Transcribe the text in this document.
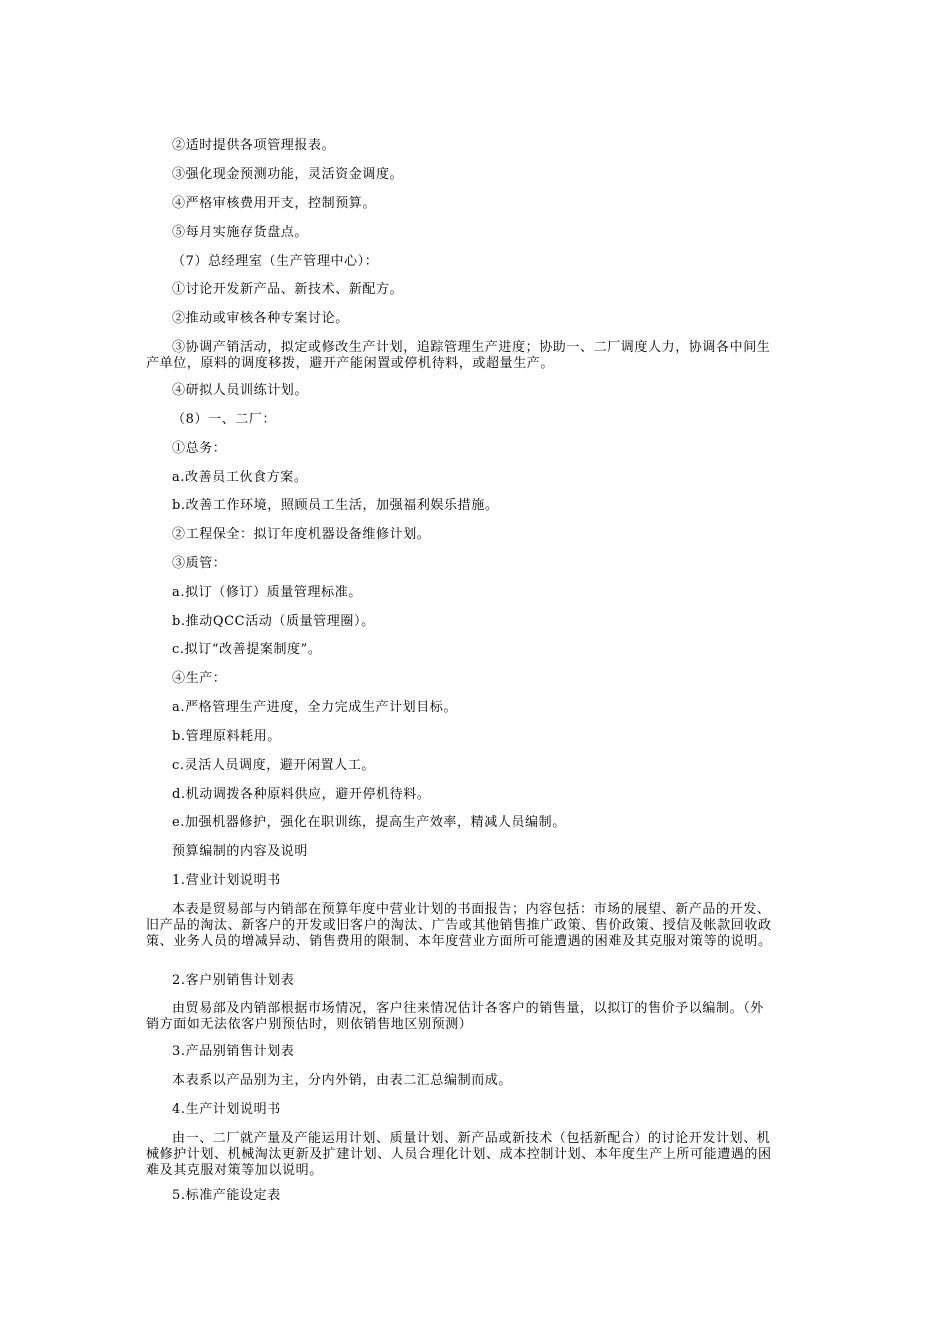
②适时提供各项管理报表。
③强化现金预测功能，灵活资金调度。
④严格审核费用开支，控制预算。
⑤每月实施存货盘点。
（7）总经理室（生产管理中心）：
①讨论开发新产品、新技术、新配方。
②推动或审核各种专案讨论。
③协调产销活动，拟定或修改生产计划，追踪管理生产进度；协助一、二厂调度人力，协调各中间生
产单位，原料的调度移拨，避开产能闲置或停机待料，或超量生产。
④研拟人员训练计划。
（8）一、二厂：
①总务：
a.改善员工伙食方案。
b.改善工作环境，照顾员工生活，加强福利娱乐措施。
②工程保全：拟订年度机器设备维修计划。
③质管：
a.拟订（修订）质量管理标准。
b.推动QCC活动（质量管理圈）。
c.拟订“改善提案制度”。
④生产：
a.严格管理生产进度，全力完成生产计划目标。
b.管理原料耗用。
c.灵活人员调度，避开闲置人工。
d.机动调拨各种原料供应，避开停机待料。
e.加强机器修护，强化在职训练，提高生产效率，精减人员编制。
预算编制的内容及说明
1.营业计划说明书
本表是贸易部与内销部在预算年度中营业计划的书面报告；内容包括：市场的展望、新产品的开发、
旧产品的淘汰、新客户的开发或旧客户的淘汰、广告或其他销售推广政策、售价政策、授信及帐款回收政
策、业务人员的增减异动、销售费用的限制、本年度营业方面所可能遭遇的困难及其克服对策等的说明。
2.客户别销售计划表
由贸易部及内销部根据市场情况，客户往来情况估计各客户的销售量，以拟订的售价予以编制。（外
销方面如无法依客户别预估时，则依销售地区别预测）
3.产品别销售计划表
本表系以产品别为主，分内外销，由表二汇总编制而成。
4.生产计划说明书
由一、二厂就产量及产能运用计划、质量计划、新产品或新技术（包括新配合）的讨论开发计划、机
械修护计划、机械淘汰更新及扩建计划、人员合理化计划、成本控制计划、本年度生产上所可能遭遇的困
难及其克服对策等加以说明。
5.标准产能设定表
